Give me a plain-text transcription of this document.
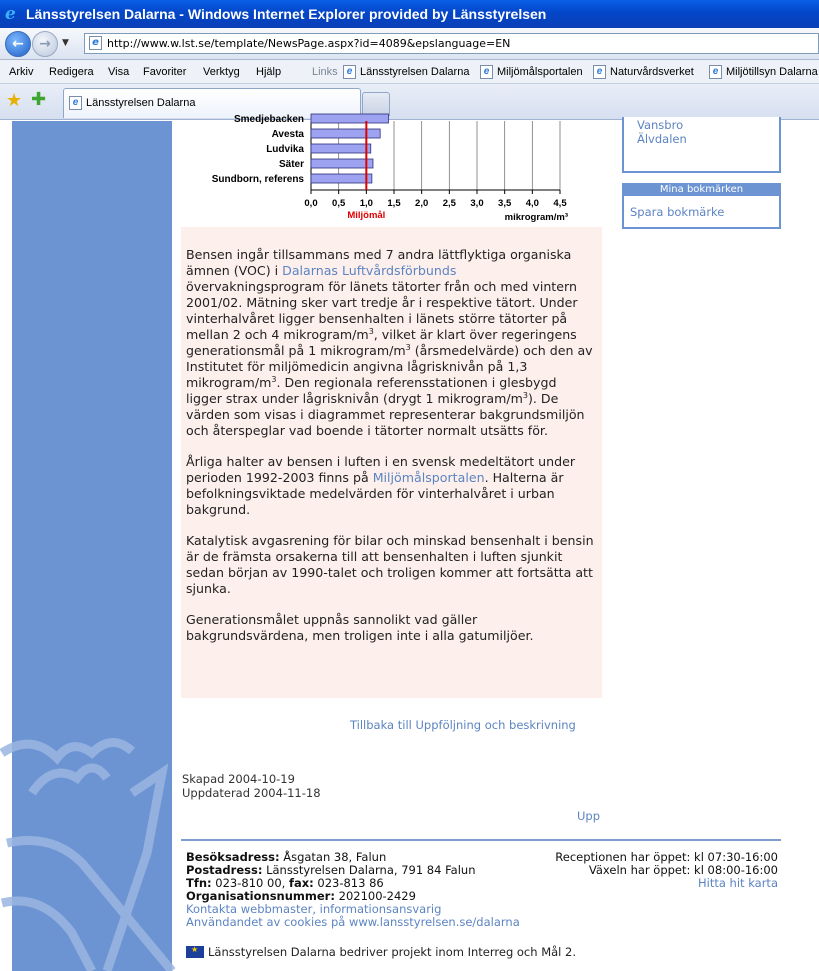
e Länsstyrelsen Dalarna - Windows Internet Explorer provided by Länsstyrelsen
←	→	▼	e http://www.w.lst.se/template/NewsPage.aspx?id=4089&epslanguage=EN
Arkiv Redigera Visa Favoriter Verktyg Hjälp	Links e Länsstyrelsen Dalarna	e Miljömålsportalen	e Naturvårdsverket	e Miljötillsyn Dalarna
★ ✚	e Länsstyrelsen Dalarna
0,0 0,5 1,0 1,5 2,0 2,5 3,0 3,5 4,0 4,5
Smedjebacken
Avesta
Ludvika
Säter
Sundborn, referens
Miljömål	mikrogram/m³
Vansbro
Älvdalen
Mina bokmärken
Spara bokmärke

Bensen ingår tillsammans med 7 andra lättflyktiga organiska ämnen (VOC) i Dalarnas Luftvårdsförbunds övervakningsprogram för länets tätorter från och med vintern 2001/02. Mätning sker vart tredje år i respektive tätort. Under vinterhalvåret ligger bensenhalten i länets större tätorter på mellan 2 och 4 mikrogram/$m^3$, vilket är klart över regeringens generationsmål på 1 mikrogram/$m^3$ (årsmedelvärde) och den av Institutet för miljömedicin angivna lågrisknivån på 1,3 mikrogram/$m^3$. Den regionala referensstationen i glesbygd ligger strax under lågrisknivån (drygt 1 mikrogram/$m^3$). De värden som visas i diagrammet representerar bakgrundsmiljön och återspeglar vad boende i tätorter normalt utsätts för.

Årliga halter av bensen i luften i en svensk medeltätort under perioden 1992-2003 finns på Miljömålsportalen. Halterna är befolkningsviktade medelvärden för vinterhalvåret i urban bakgrund.

Katalytisk avgasrening för bilar och minskad bensenhalt i bensin är de främsta orsakerna till att bensenhalten i luften sjunkit sedan början av 1990-talet och troligen kommer att fortsätta att sjunka.

Generationsmålet uppnås sannolikt vad gäller bakgrundsvärdena, men troligen inte i alla gatumiljöer.

Tillbaka till Uppföljning och beskrivning
Skapad 2004-10-19
Uppdaterad 2004-11-18
Upp
Besöksadress: Åsgatan 38, Falun
Postadress: Länsstyrelsen Dalarna, 791 84 Falun
Tfn: 023-810 00, fax: 023-813 86
Organisationsnummer: 202100-2429
Kontakta webbmaster, informationsansvarig
Användandet av cookies på www.lansstyrelsen.se/dalarna
Receptionen har öppet: kl 07:30-16:00
Växeln har öppet: kl 08:00-16:00
Hitta hit karta
★Länsstyrelsen Dalarna bedriver projekt inom Interreg och Mål 2.
